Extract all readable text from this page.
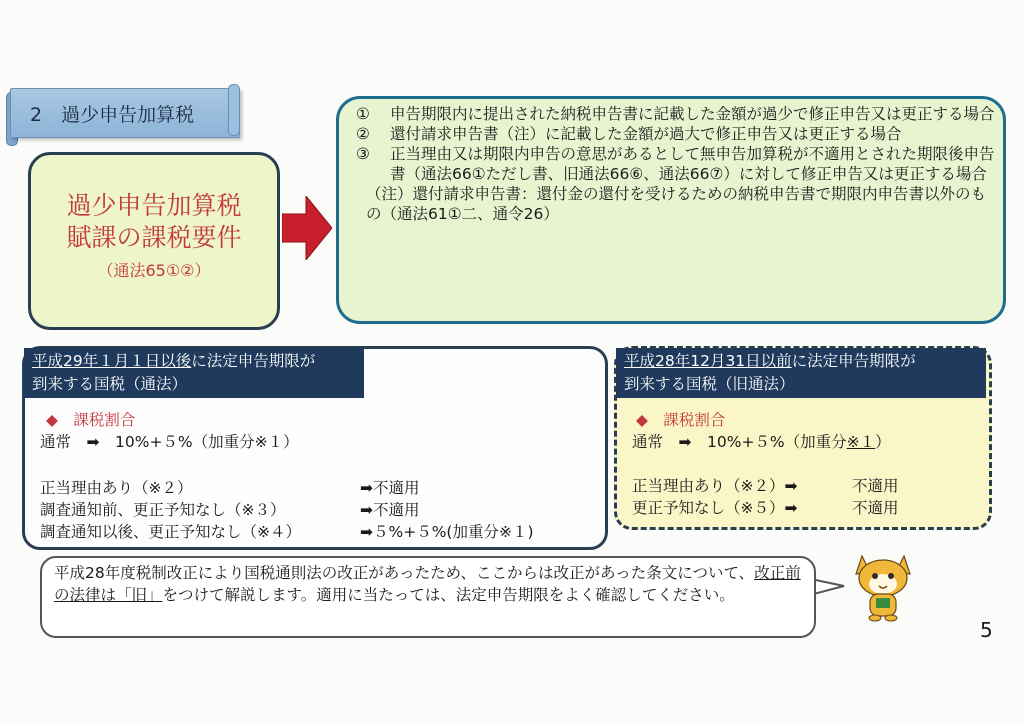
2　過少申告加算税
過少申告加算税
賦課の課税要件
（通法65①②）
①	申告期限内に提出された納税申告書に記載した金額が過少で修正申告又は更正する場合
②	還付請求申告書（注）に記載した金額が過大で修正申告又は更正する場合
③	正当理由又は期限内申告の意思があるとして無申告加算税が不適用とされた期限後申告書（通法66①ただし書、旧通法66⑥、通法66⑦）に対して修正申告又は更正する場合

（注）還付請求申告書：還付金の還付を受けるための納税申告書で期限内申告書以外のもの（通法61①二、通令26）

平成29年１月１日以後に法定申告期限が
到来する国税（通法）
◆　課税割合
通常　➡　10%+５%（加重分※１）
正当理由あり（※２）	➡不適用
調査通知前、更正予知なし（※３）	➡不適用
調査通知以後、更正予知なし（※４）	➡５%+５%(加重分※１)
平成28年12月31日以前に法定申告期限が
到来する国税（旧通法）
◆　課税割合
通常　➡　10%+５%（加重分※１）
正当理由あり（※２）➡	不適用
更正予知なし（※５）➡	不適用
平成28年度税制改正により国税通則法の改正があったため、ここからは改正があった条文について、改正前の法律は「旧」をつけて解説します。適用に当たっては、法定申告期限をよく確認してください。
5
